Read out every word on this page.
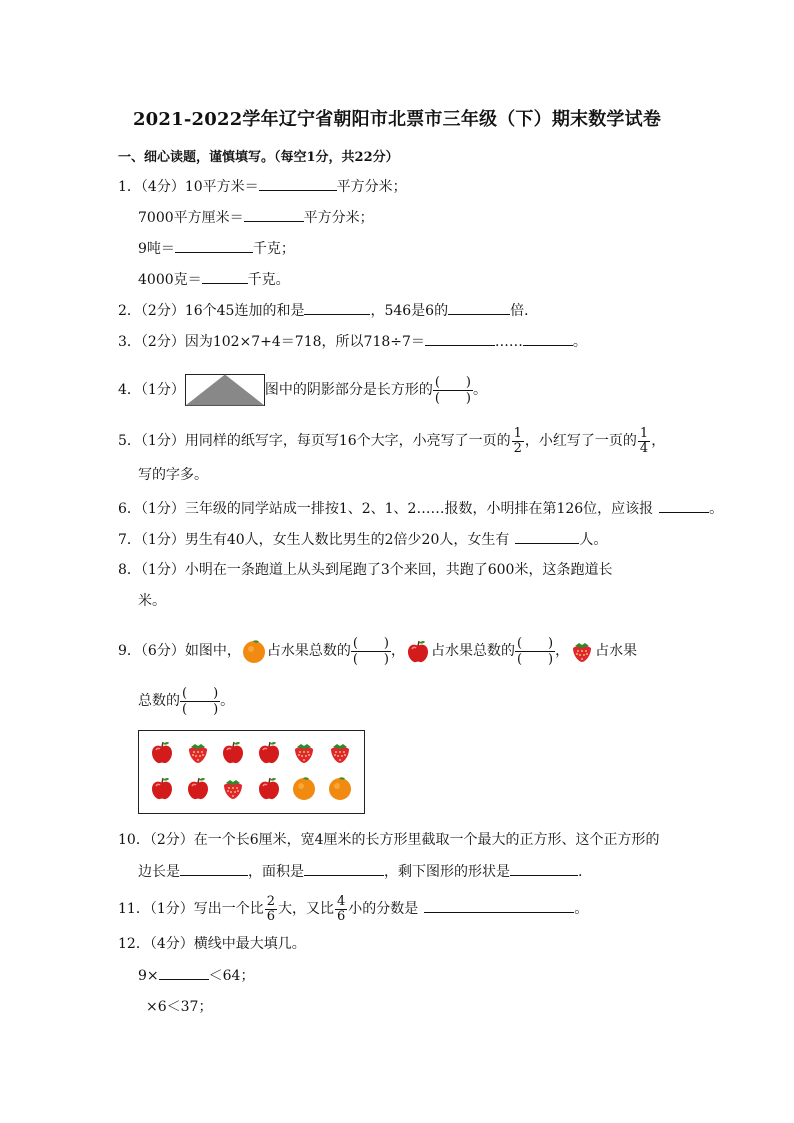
2021-2022学年辽宁省朝阳市北票市三年级（下）期末数学试卷
一、细心读题，谨慎填写。（每空1分，共22分）
1．（4分）10平方米＝	平方分米；
7000平方厘米＝	平方分米；
9吨＝	千克；
4000克＝	千克。
2．（2分）16个45连加的和是	，546是6的	倍．
3．（2分）因为102×7+4＝718，所以718÷7＝	……	。
4．（1分）	图中的阴影部分是长方形的 $\frac{( )}{( )}$ 。
5．（1分）用同样的纸写字，每页写16个大字，小亮写了一页的 $\frac{1}{2}$ ，小红写了一页的 $\frac{1}{4}$ ，
写的字多。
6．（1分）三年级的同学站成一排按1、2、1、2……报数，小明排在第126位，应该报	。
7．（1分）男生有40人，女生人数比男生的2倍少20人，女生有	人。
8．（1分）小明在一条跑道上从头到尾跑了3个来回，共跑了600米，这条跑道长
米。
9．（6分）如图中， 占水果总数的 $\frac{( )}{( )}$ ， 占水果总数的 $\frac{( )}{( )}$ ， 占水果
总数的 $\frac{( )}{( )}$ 。
10．（2分）在一个长6厘米，宽4厘米的长方形里截取一个最大的正方形、这个正方形的
边长是	，面积是	，剩下图形的形状是	.
11．（1分）写出一个比 $\frac{2}{6}$ 大，又比 $\frac{4}{6}$ 小的分数是	。
12．（4分）横线中最大填几。
9×	＜64；
×6＜37；
